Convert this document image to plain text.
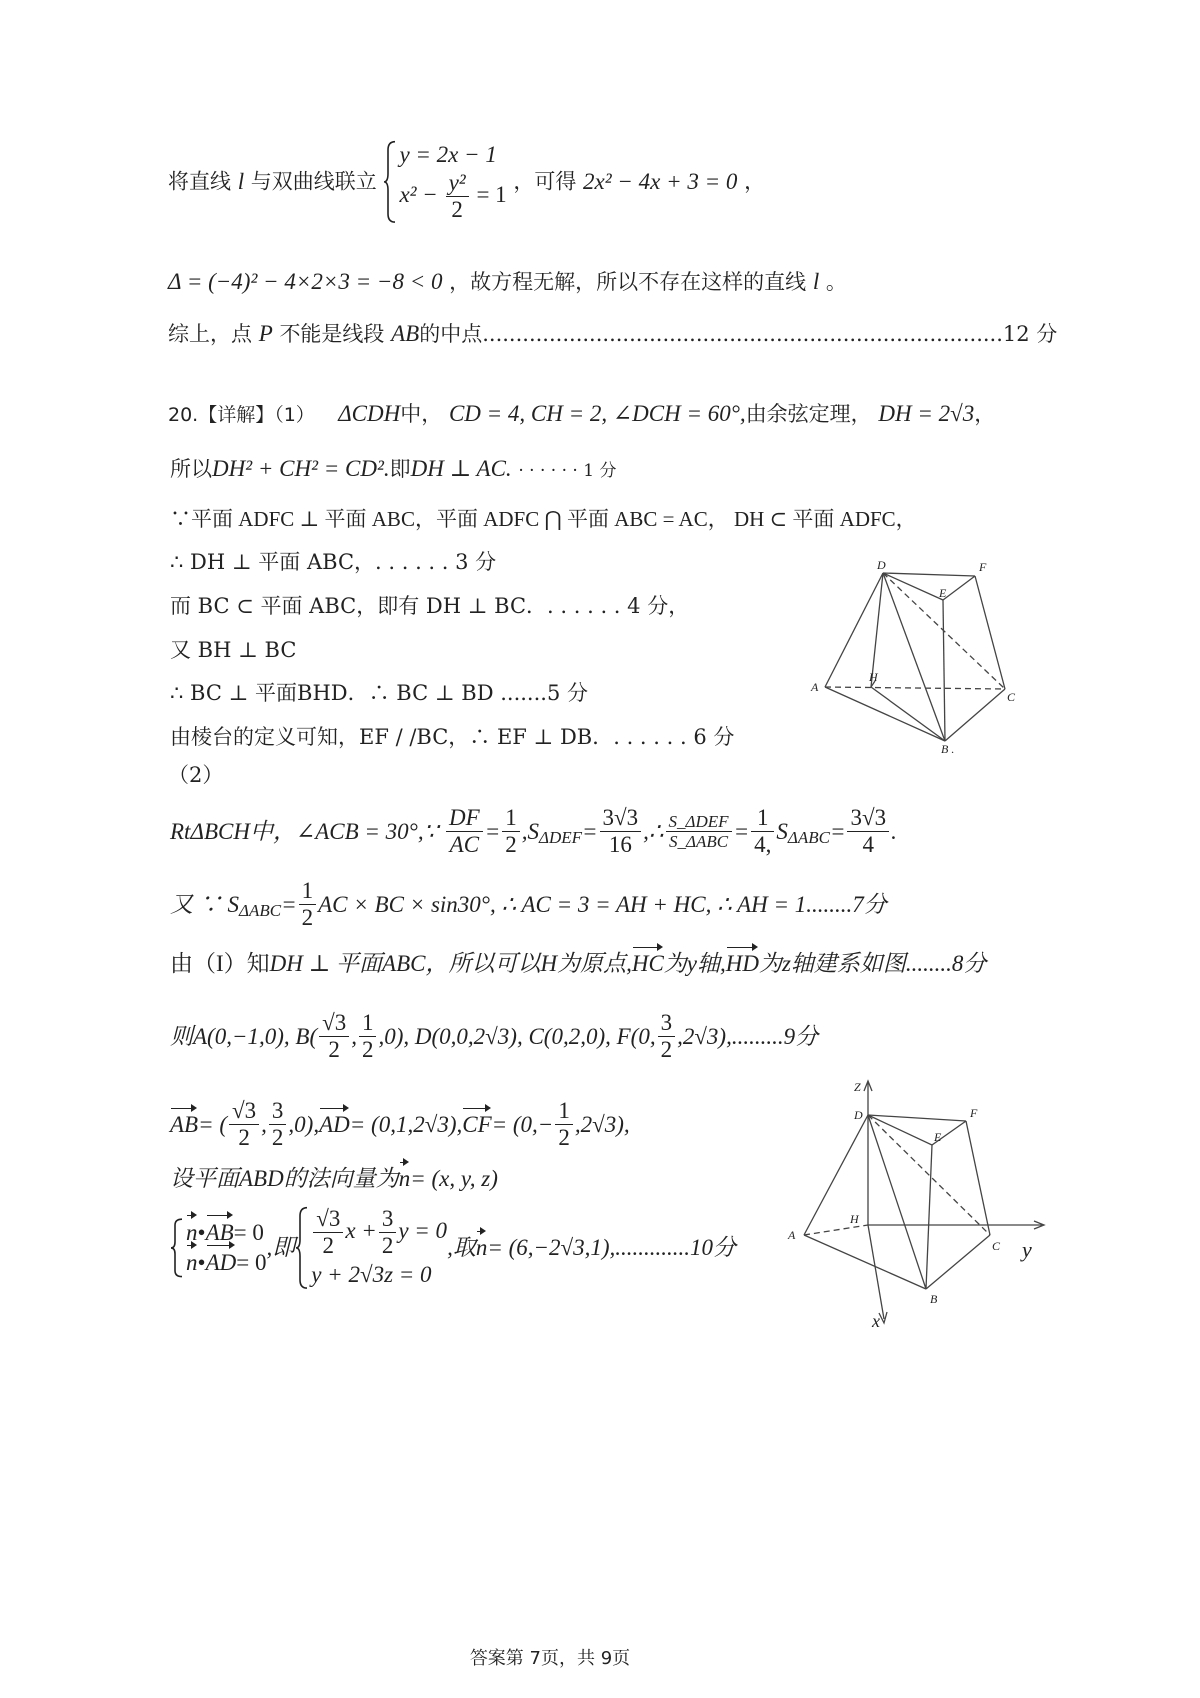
将直线 l 与双曲线联立
y = 2x − 1
$x^2 - \frac{\text{y²}}{2} = 1$
，可得 2x² − 4x + 3 = 0 ，
Δ = (−4)² − 4×2×3 = −8 < 0 ，故方程无解，所以不存在这样的直线 l 。
综上，点 P 不能是线段 AB的中点..............................................................................12 分
20.【详解】（1） ΔCDH中， CD = 4, CH = 2, ∠DCH = 60°,由余弦定理， DH = 2√3，
所以DH² + CH² = CD².即DH ⊥ AC. · · · · · · 1 分
∵平面 ADFC ⊥ 平面 ABC，平面 ADFC ⋂ 平面 ABC = AC， DH ⊂ 平面 ADFC，
∴ DH ⊥ 平面 ABC，. . . . . . 3 分
而 BC ⊂ 平面 ABC，即有 DH ⊥ BC．. . . . . . 4 分，
又 BH ⊥ BC
∴ BC ⊥ 平面BHD．∴ BC ⊥ BD .......5 分
由棱台的定义可知，EF / /BC，∴ EF ⊥ DB．. . . . . . 6 分
（2）
D	F
E
H
A
C
B .
RtΔBCH中，∠ACB = 30°,∵ $\frac{DF}{AC} = \frac{1}{2} ,S_{\Delta DEF}= \frac{3√3}{16}$ ,∴ $\frac{\text{S\_ΔDEF}}{\text{S\_ΔABC}} = \frac{1}{4,} S_{\Delta ABC}= \frac{3√3}{4}$ .
又 ∵ $S_{\Delta ABC}= \frac{1}{2}$ AC × BC × sin30°, ∴ AC = 3 = AH + HC, ∴ AH = 1........7分
由（I）知DH ⊥ 平面ABC，所以可以H为原点,HC为y轴,HD为z轴建系如图........8分
则A(0,−1,0), $B( \frac{√3}{2}$ , $\frac{1}{2} ,0$), D(0,0,2√3), C(0,2,0), F(0, $\frac{3}{2} ,2√3),.........9$分
AB= ( $\frac{√3}{2}$ , $\frac{3}{2} ,0),AD= (0,1,2√3),CF= (0,- \frac{1}{2} ,2√3)$,
设平面ABD的法向量为n= (x, y, z)
n•AB= 0
n•AD= 0
,即 $\frac{√3}{2}$ $x + \frac{3}{2}$ y = 0
y + 2√3z = 0
,取n= (6,−2√3,1),.............10分
Z
D	F
E
H
A
C y
B
x
答案第 7页，共 9页
